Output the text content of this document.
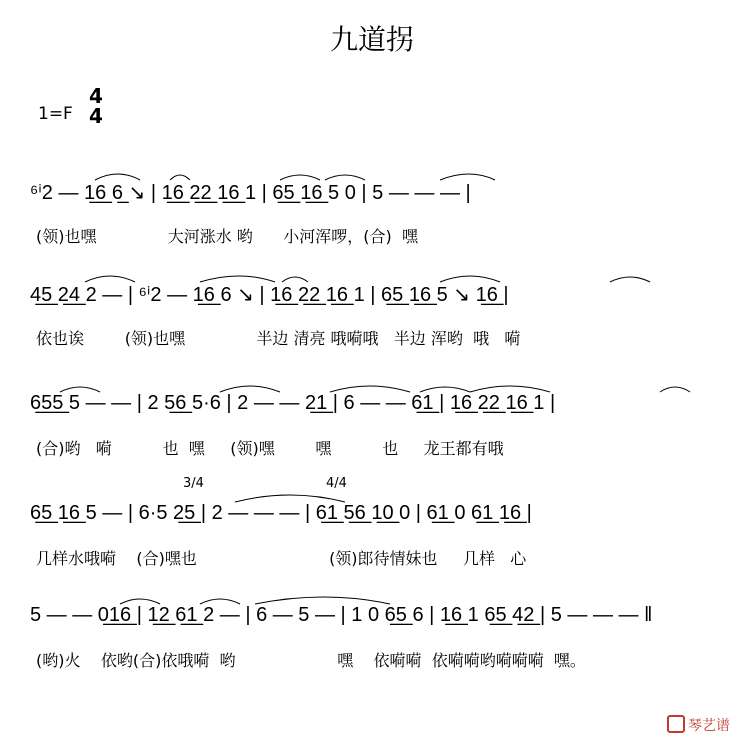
九道拐
1=F
4
4
⁶ⁱ2 — 1̲6̲ 6̲ ↘ | 1̲6̲ 2̲2̲ 1̲6̲ 1 | 6̲5̲ 1̲6̲ 5 0 | 5 — — — |
(领)也嘿              大河涨水 哟      小河浑啰，(合)  嘿
4̲5̲ 2̲4̲ 2 — | ⁶ⁱ2 — 1̲6̲ 6 ↘ | 1̲6̲ 2̲2̲ 1̲6̲ 1 | 6̲5̲ 1̲6̲ 5 ↘ 1̲6̲ |
依也诶        (领)也嘿              半边 清亮 哦嗬哦   半边 浑哟  哦   嗬
6̲5̲5̲ 5 — — | 2 5̲6̲ 5·6 | 2 — — 2̲1̲ | 6 — — 6̲1̲ | 1̲6̲ 2̲2̲ 1̲6̲ 1 |
(合)哟   嗬          也  嘿     (领)嘿        嘿          也     龙王都有哦
3/4	4/4
6̲5̲ 1̲6̲ 5 — | 6·5 2̲5̲ | 2 — — — | 6̲1̲ 5̲6̲ 1̲0̲ 0 | 6̲1̲ 0 6̲1̲ 1̲6̲ |
几样水哦嗬    (合)嘿也                          (领)郎待情妹也     几样   心
5 — — 0̲1̲6̲ | 1̲2̲ 6̲1̲ 2 — | 6 — 5 — | 1 0 6̲5̲ 6 | 1̲6̲ 1 6̲5̲ 4̲2̲ | 5 — — — ‖
(哟)火    依哟(合)依哦嗬  哟                    嘿    依嗬嗬  依嗬嗬哟嗬嗬嗬  嘿。
琴艺谱
